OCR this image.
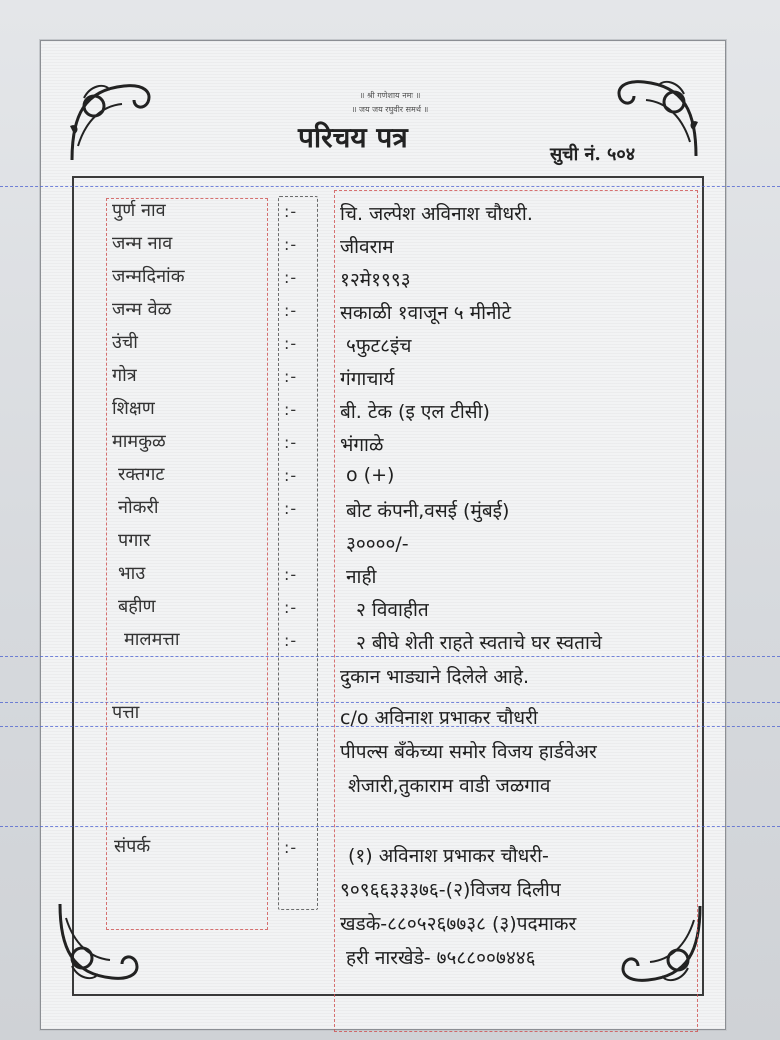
॥ श्री गणेशाय नमः ॥
॥ जय जय रघुवीर समर्थ ॥
परिचय पत्र
सुची नं. ५०४
पुर्ण नाव	:- चि. जल्पेश अविनाश चौधरी.
जन्म नाव	:- जीवराम
जन्मदिनांक	:- १२मे१९९३
जन्म वेळ	:- सकाळी १वाजून ५ मीनीटे
उंची	:-	५फुट८इंच
गोत्र	:- गंगाचार्य
शिक्षण	:- बी. टेक (इ एल टीसी)
मामकुळ	:- भंगाळे
रक्तगट	:-	o (+)
नोकरी	:-	बोट कंपनी,वसई (मुंबई)
पगार	३००००/-
भाउ	:-	नाही
बहीण	:-	२ विवाहीत
मालमत्ता	:-	२ बीघे शेती राहते स्वताचे घर स्वताचे
दुकान भाड्याने दिलेले आहे.
पत्ता	c/o अविनाश प्रभाकर चौधरी
पीपल्स बँकेच्या समोर विजय हार्डवेअर
शेजारी,तुकाराम वाडी जळगाव
संपर्क	:-	(१) अविनाश प्रभाकर चौधरी-
९०९६६३३३७६-(२)विजय दिलीप
खडके-८८०५२६७७३८ (३)पदमाकर
हरी नारखेडे- ७५८८००७४४६
